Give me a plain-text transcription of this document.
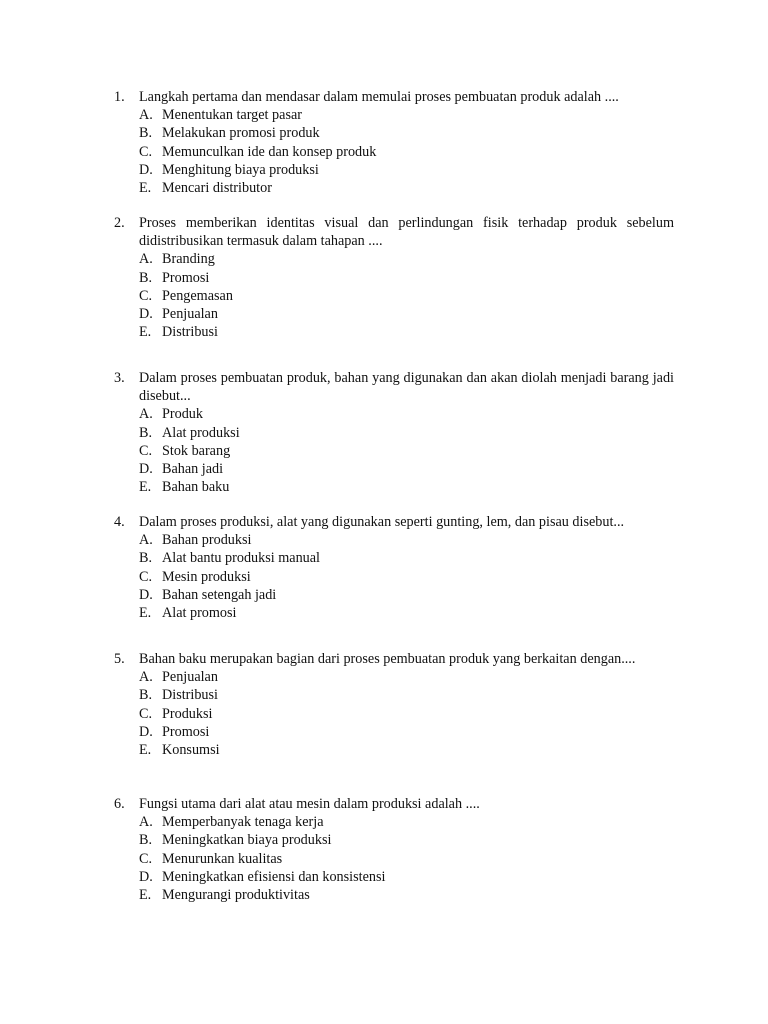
1.	Langkah pertama dan mendasar dalam memulai proses pembuatan produk adalah ....
A. Menentukan target pasar
B. Melakukan promosi produk
C. Memunculkan ide dan konsep produk
D. Menghitung biaya produksi
E. Mencari distributor
2.	Proses memberikan identitas visual dan perlindungan fisik terhadap produk sebelum didistribusikan termasuk dalam tahapan ....
A. Branding
B. Promosi
C. Pengemasan
D. Penjualan
E. Distribusi
3.	Dalam proses pembuatan produk, bahan yang digunakan dan akan diolah menjadi barang jadi disebut...
A. Produk
B. Alat produksi
C. Stok barang
D. Bahan jadi
E. Bahan baku
4.	Dalam proses produksi, alat yang digunakan seperti gunting, lem, dan pisau disebut...
A. Bahan produksi
B. Alat bantu produksi manual
C. Mesin produksi
D. Bahan setengah jadi
E. Alat promosi
5.	Bahan baku merupakan bagian dari proses pembuatan produk yang berkaitan dengan....
A. Penjualan
B. Distribusi
C. Produksi
D. Promosi
E. Konsumsi
6.	Fungsi utama dari alat atau mesin dalam produksi adalah ....
A. Memperbanyak tenaga kerja
B. Meningkatkan biaya produksi
C. Menurunkan kualitas
D. Meningkatkan efisiensi dan konsistensi
E. Mengurangi produktivitas
